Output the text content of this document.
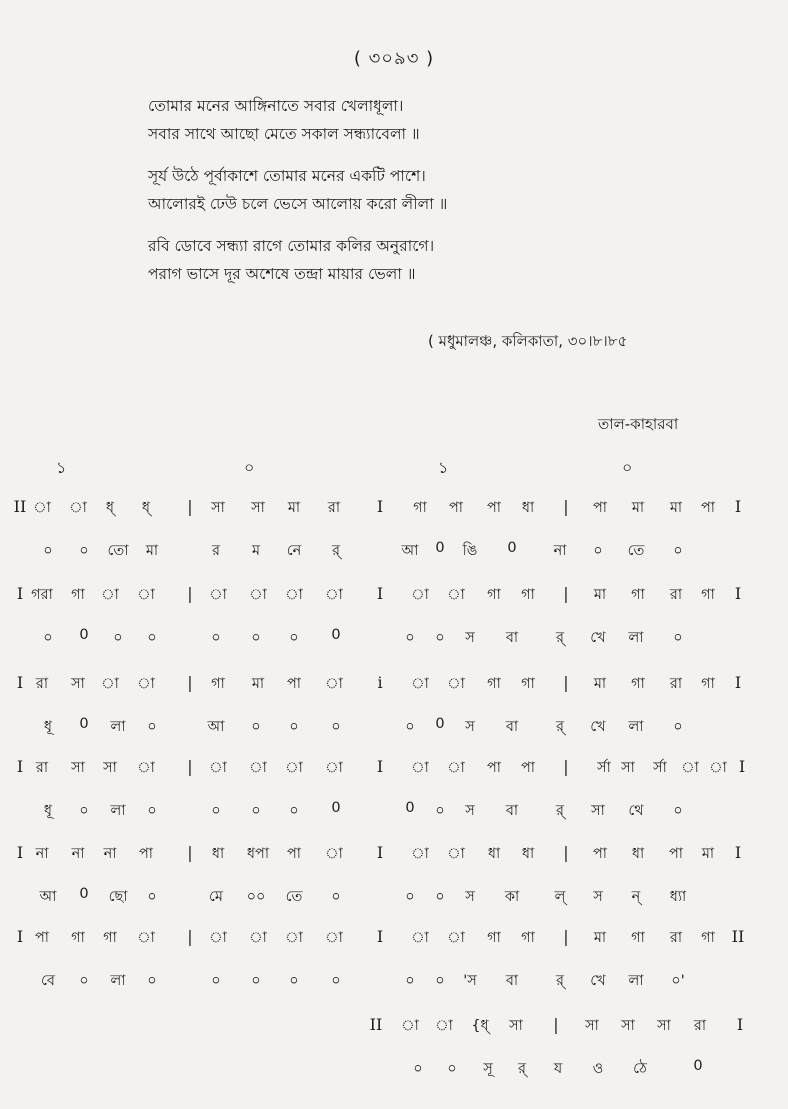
( ৩০৯৩ )
তোমার মনের আঙ্গিনাতে সবার খেলাধূলা।
সবার সাথে আছো মেতে সকাল সন্ধ্যাবেলা ॥
সূর্য উঠে পূর্বাকাশে তোমার মনের একটি পাশে।
আলোরই ঢেউ চলে ভেসে আলোয় করো লীলা ॥
রবি ডোবে সন্ধ্যা রাগে তোমার কলির অনুরাগে।
পরাগ ভাসে দূর অশেষে তন্দ্রা মায়ার ভেলা ॥
( মধুমালঞ্চ, কলিকাতা, ৩০।৮।৮৫
তাল-কাহারবা
১	০	১	০
II া া ধ্ ধ্ | সা সা মা রা I গা পা পা ধা | পা মা মা পা I
০ ০ তো মা	র ম নে র্	আ 0 ঙি 0	না ০ তে ০
I গরা গা া া | া া া া I া া গা গা | মা গা রা গা I
০ 0 ০ ০	০ ০ ০ 0	০ ০ স বা	র্ খে লা ০
I রা সা া া | গা মা পা া i া া গা গা | মা গা রা গা I
ধূ 0 লা ০	আ ০ ০ ০	০ 0 স বা	র্ খে লা ০
I রা সা সা া | া া া া I া া পা পা | র্সা সা র্সা া া I
ধূ ০ লা ০	০ ০ ০ 0	0 ০ স বা	র্ সা থে ০
I না না না পা | ধা ধপা পা া I া া ধা ধা | পা ধা পা মা I
আ 0 ছো ০	মে ০০ তে ০	০ ০ স কা ল্ স ন্ ধ্যা
I পা গা গা া | া া া া I া া গা গা | মা গা রা গা II
বে ০ লা ০	০ ০ ০ ০	০ ০ 'স বা	র্ খে লা ০'
II া া {ধ্ সা | সা সা সা রা I
০ ০ সূ র্ য ও ঠে	0
